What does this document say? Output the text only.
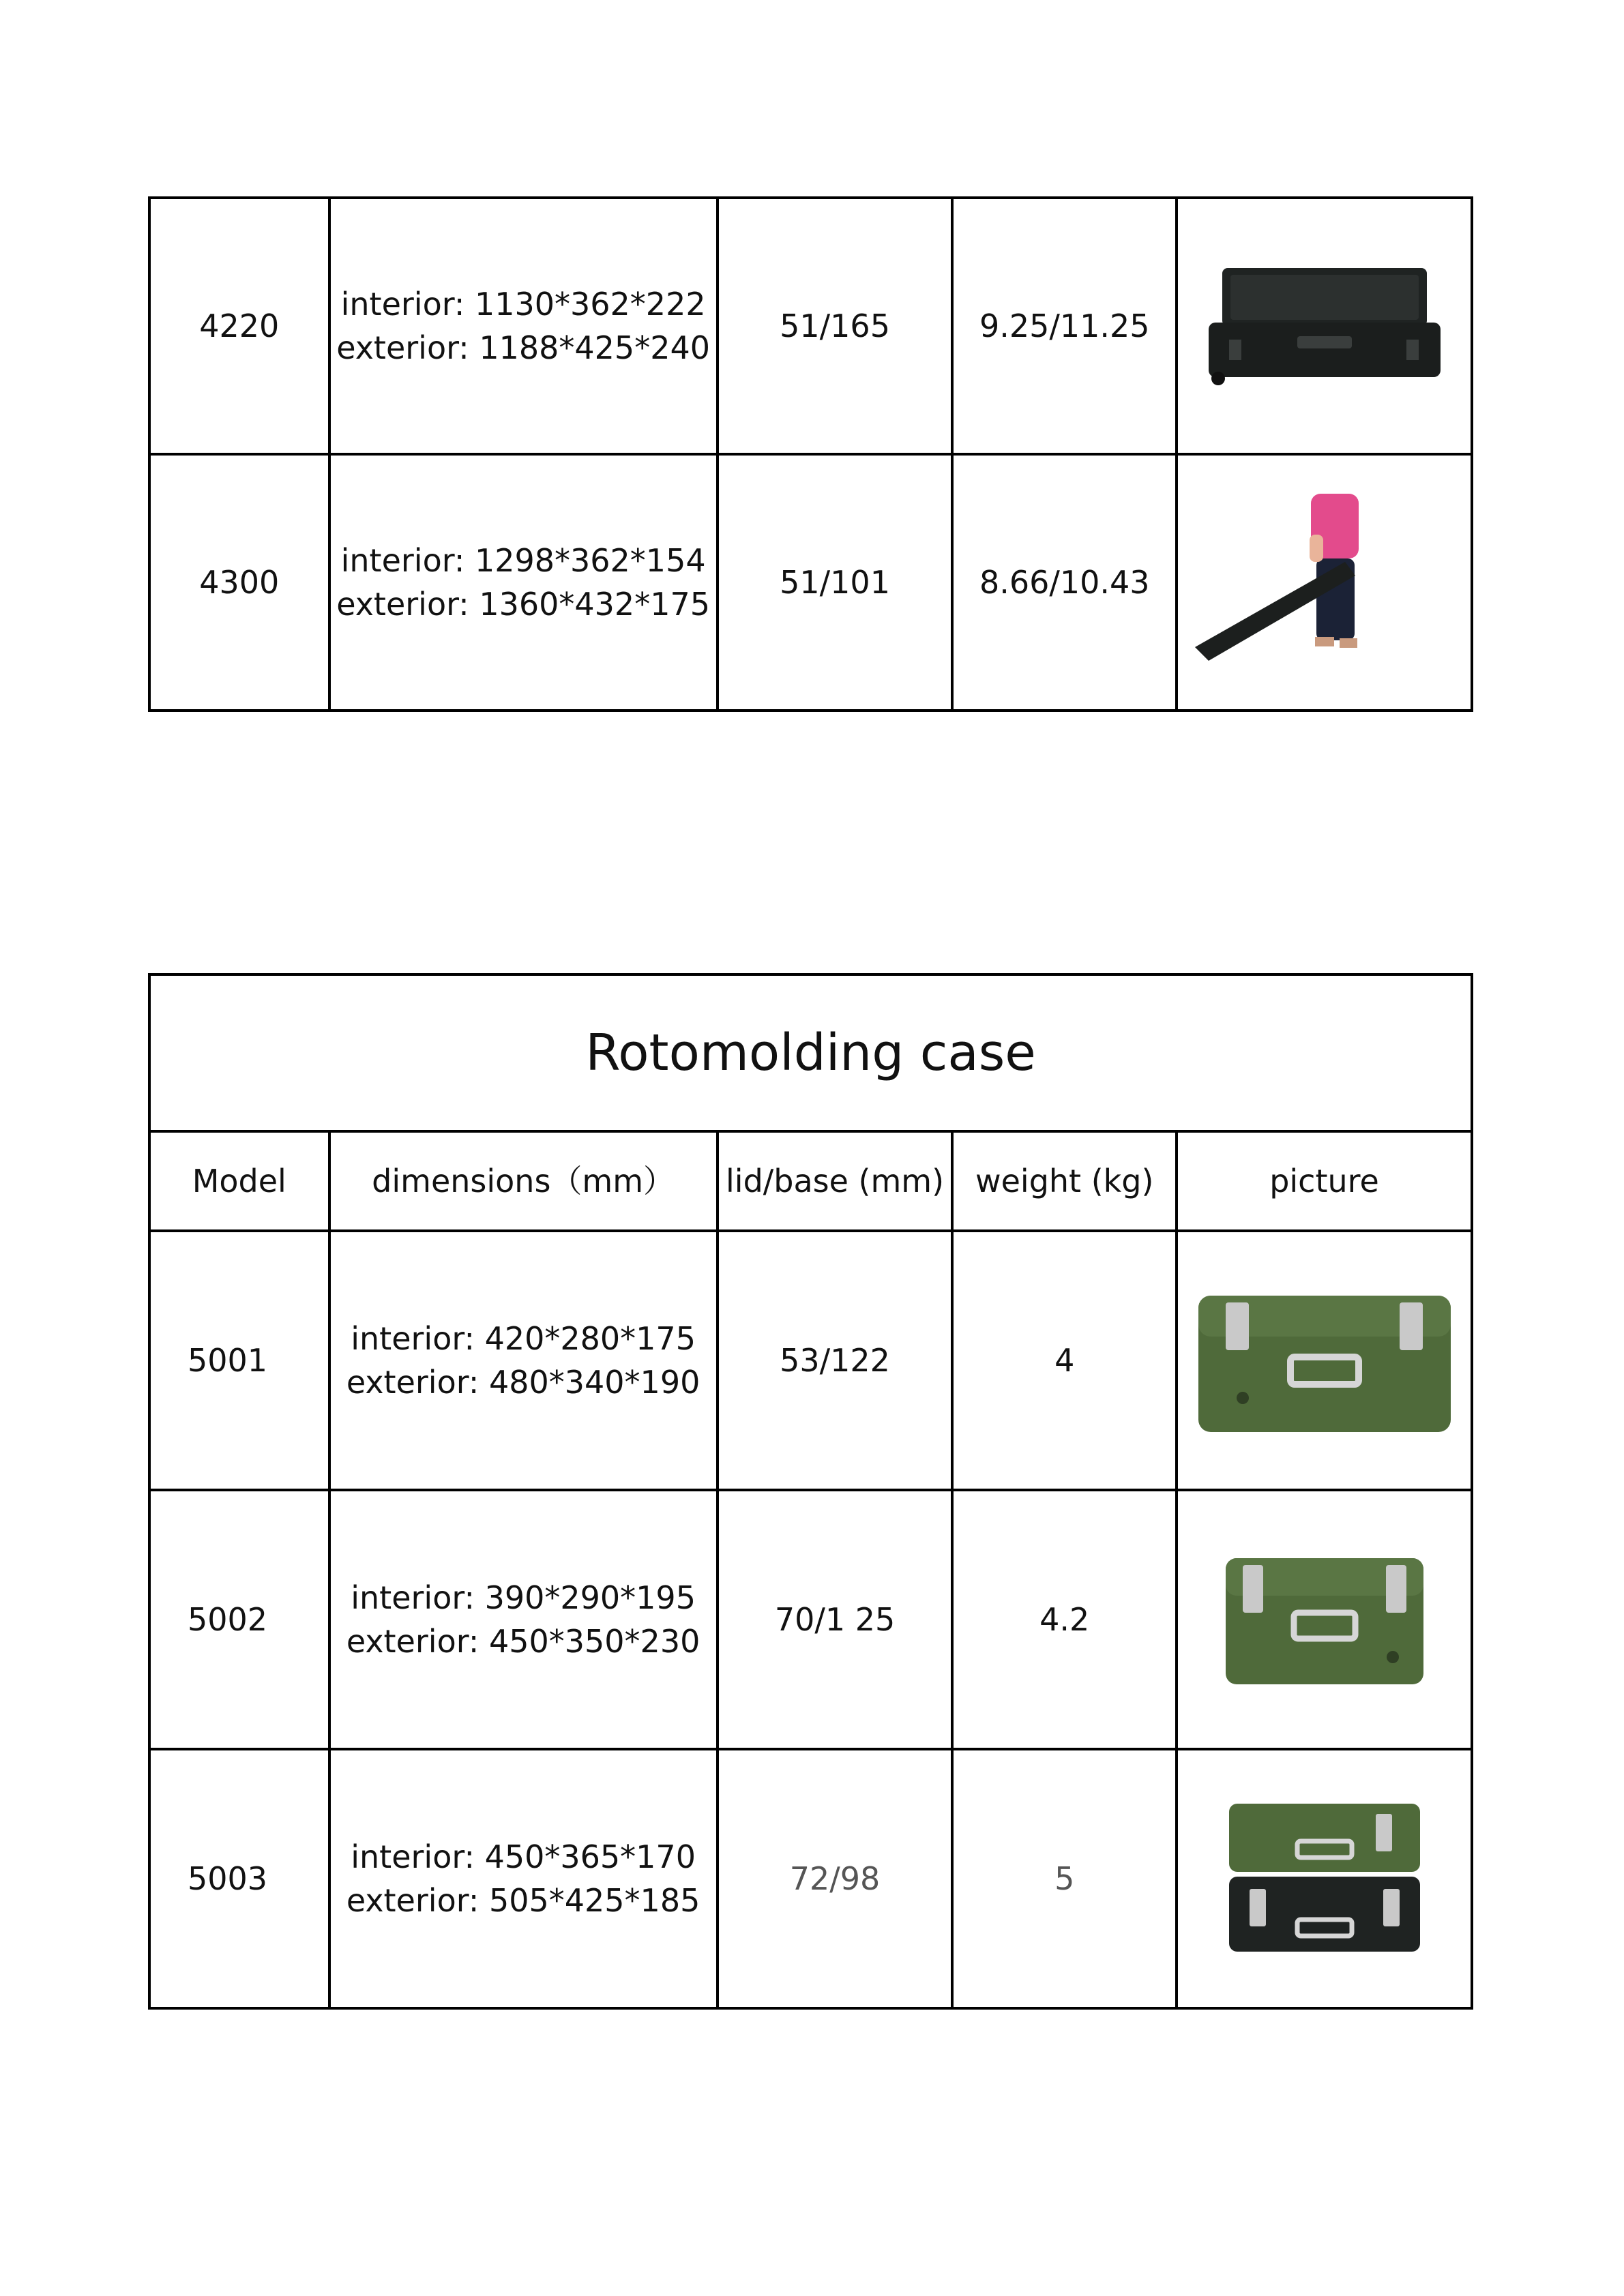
4220	interior: 1130*362*222
exterior: 1188*425*240	51/165	9.25/11.25	

4300	interior: 1298*362*154
exterior: 1360*432*175	51/101	8.66/10.43	
Rotomolding case				
Model	dimensions（mm）	lid/base (mm)	weight (kg)	picture
5001	interior: 420*280*175
exterior: 480*340*190	53/122	4	

5002	interior: 390*290*195
exterior: 450*350*230	70/1 25	4.2	

5003	interior: 450*365*170
exterior: 505*425*185	72/98	5	
